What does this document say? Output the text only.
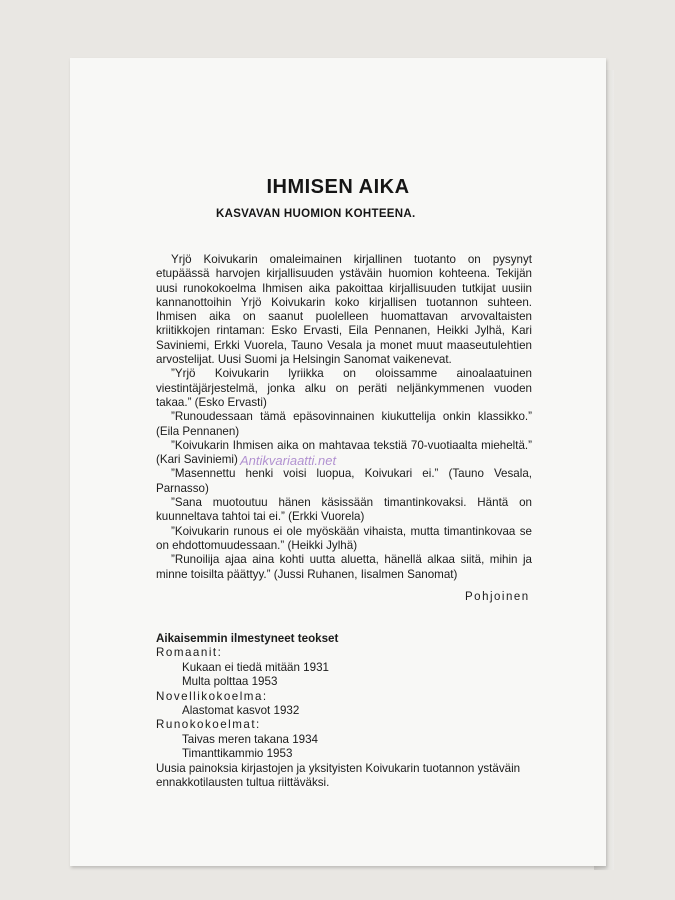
IHMISEN AIKA
KASVAVAN HUOMION KOHTEENA.

Yrjö Koivukarin omaleimainen kirjallinen tuotanto on pysynyt etupäässä harvojen kirjallisuuden ystäväin huomion kohteena. Tekijän uusi runokokoelma Ihmisen aika pakoittaa kirjallisuuden tutkijat uusiin kannanottoihin Yrjö Koivukarin koko kirjallisen tuotannon suhteen. Ihmisen aika on saanut puolelleen huomattavan arvovaltaisten kriitikkojen rintaman: Esko Ervasti, Eila Pennanen, Heikki Jylhä, Kari Saviniemi, Erkki Vuorela, Tauno Vesala ja monet muut maaseutulehtien arvostelijat. Uusi Suomi ja Helsingin Sanomat vaikenevat.

”Yrjö Koivukarin lyriikka on oloissamme ainoalaatuinen viestintäjärjestelmä, jonka alku on peräti neljänkymmenen vuoden takaa.” (Esko Ervasti)

”Runoudessaan tämä epäsovinnainen kiukuttelija onkin klassikko.” (Eila Pennanen)

”Koivukarin Ihmisen aika on mahtavaa tekstiä 70-vuotiaalta mieheltä.” (Kari Saviniemi)

”Masennettu henki voisi luopua, Koivukari ei.” (Tauno Vesala, Parnasso)

”Sana muotoutuu hänen käsissään timantinkovaksi. Häntä on kuunneltava tahtoi tai ei.” (Erkki Vuorela)

”Koivukarin runous ei ole myöskään vihaista, mutta timantinkovaa se on ehdottomuudessaan.” (Heikki Jylhä)

”Runoilija ajaa aina kohti uutta aluetta, hänellä alkaa siitä, mihin ja minne toisilta päättyy.” (Jussi Ruhanen, Iisalmen Sanomat)

Pohjoinen
Aikaisemmin ilmestyneet teokset
Romaanit:
Kukaan ei tiedä mitään 1931
Multa polttaa 1953
Novellikokoelma:
Alastomat kasvot 1932
Runokokoelmat:
Taivas meren takana 1934
Timanttikammio 1953
Uusia painoksia kirjastojen ja yksityisten Koivukarin tuotannon ystäväin ennakkotilausten tultua riittäväksi.
Antikvariaatti.net
